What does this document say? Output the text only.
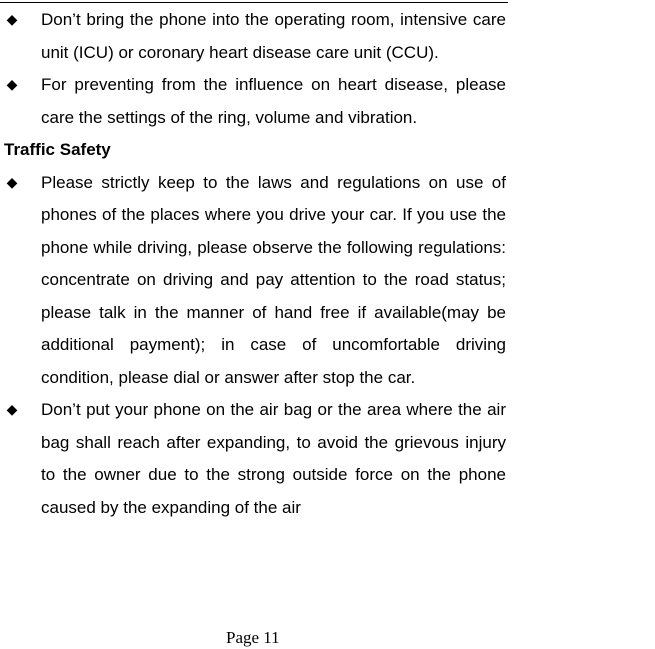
◆ Don’t bring the phone into the operating room, intensive care unit (ICU) or coronary heart disease care unit (CCU).
◆ For preventing from the influence on heart disease, please care the settings of the ring, volume and vibration.
Traffic Safety
◆ Please strictly keep to the laws and regulations on use of phones of the places where you drive your car. If you use the phone while driving, please observe the following regulations: concentrate on driving and pay attention to the road status; please talk in the manner of hand free if available(may be additional payment); in case of uncomfortable driving condition, please dial or answer after stop the car.
◆ Don’t put your phone on the air bag or the area where the air bag shall reach after expanding, to avoid the grievous injury to the owner due to the strong outside force on the phone caused by the expanding of the air
Page 11
